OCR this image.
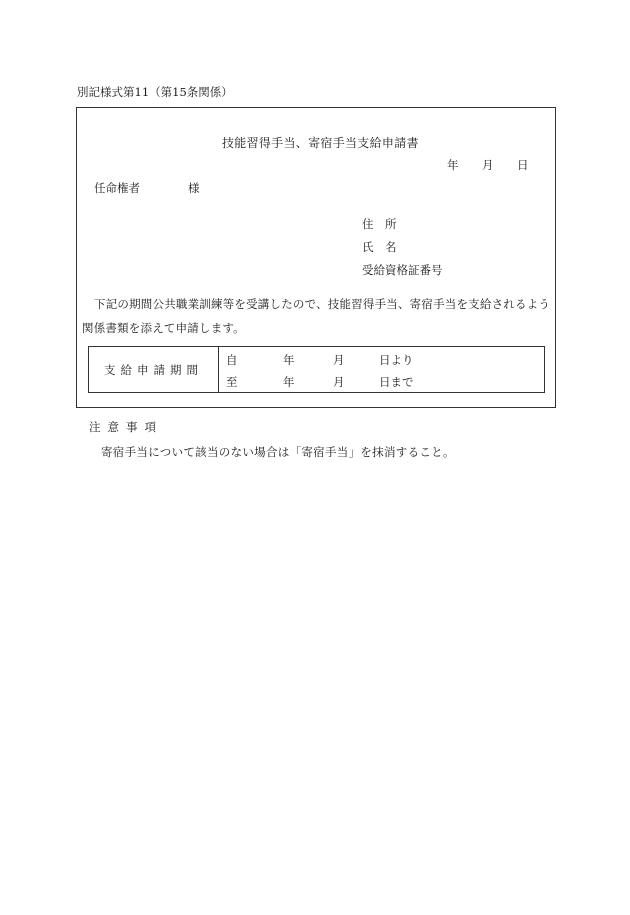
別記様式第11（第15条関係）
技能習得手当、寄宿手当支給申請書
年 月 日
任命権者	様
住　所
氏　名
受給資格証番号
下記の期間公共職業訓練等を受講したので、技能習得手当、寄宿手当を支給されるよう
関係書類を添えて申請します。
支給申請期間
自	年	月	日より
至	年	月	日まで
注意事項
寄宿手当について該当のない場合は「寄宿手当」を抹消すること。
